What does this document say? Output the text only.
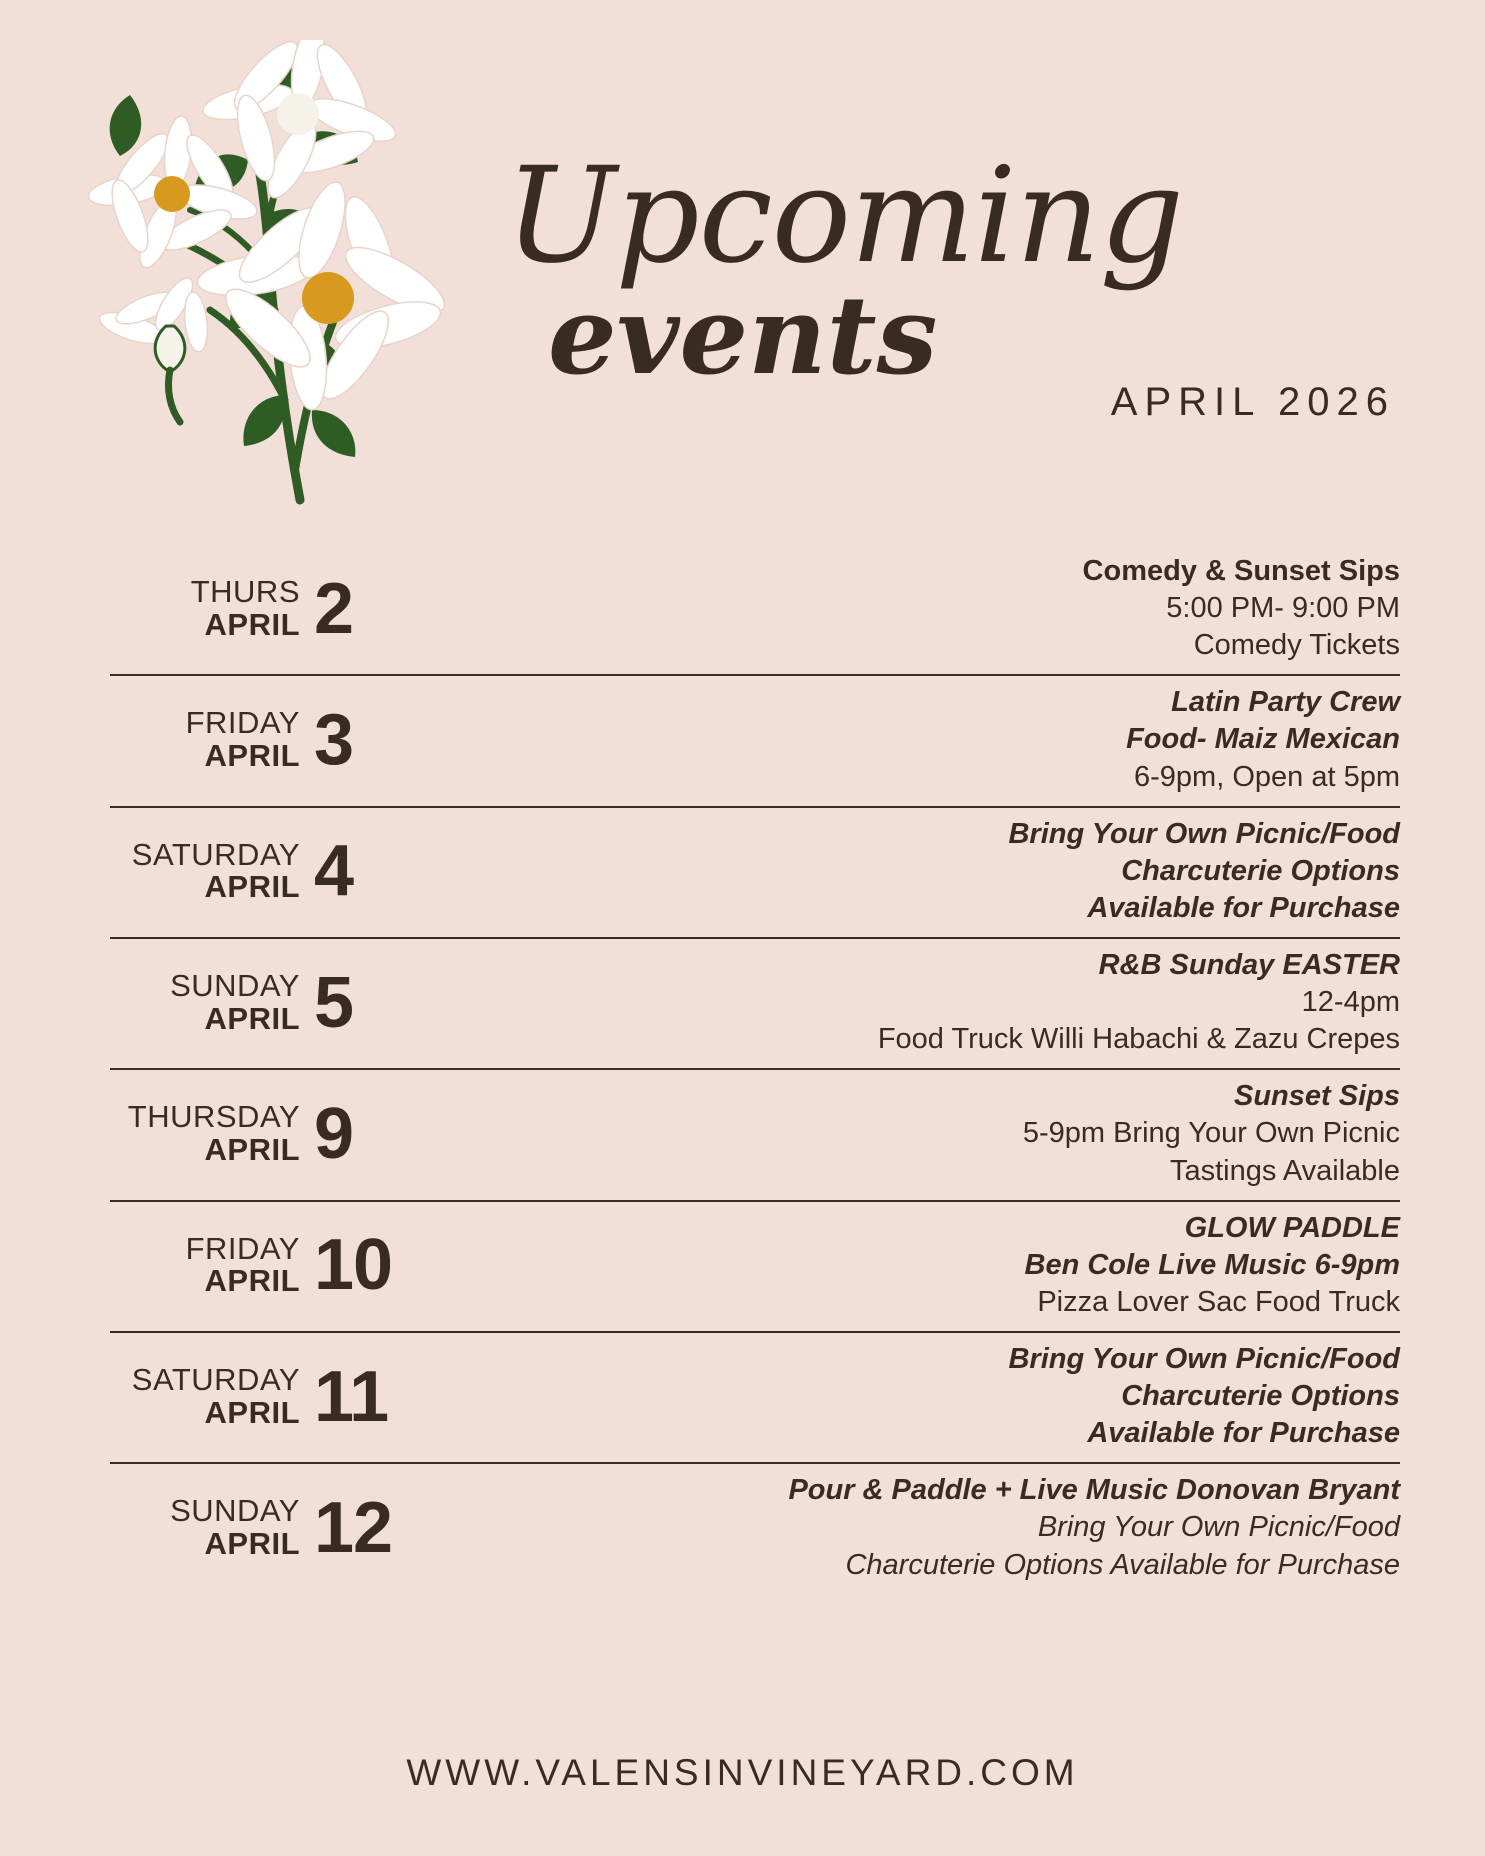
Upcoming
events
APRIL 2026
THURS
APRIL 2	Comedy & Sunset Sips
5:00 PM- 9:00 PM
Comedy Tickets
FRIDAY
APRIL 3	Latin Party Crew
Food- Maiz Mexican
6-9pm, Open at 5pm
SATURDAY
APRIL 4	Bring Your Own Picnic/Food
Charcuterie Options
Available for Purchase
SUNDAY
APRIL 5	R&B Sunday EASTER
12-4pm
Food Truck Willi Habachi & Zazu Crepes
THURSDAY
APRIL 9	Sunset Sips
5-9pm Bring Your Own Picnic
Tastings Available
FRIDAY
APRIL 10	GLOW PADDLE
Ben Cole Live Music 6-9pm
Pizza Lover Sac Food Truck
SATURDAY
APRIL 11	Bring Your Own Picnic/Food
Charcuterie Options
Available for Purchase
SUNDAY
APRIL 12	Pour & Paddle + Live Music Donovan Bryant
Bring Your Own Picnic/Food
Charcuterie Options Available for Purchase
WWW.VALENSINVINEYARD.COM
